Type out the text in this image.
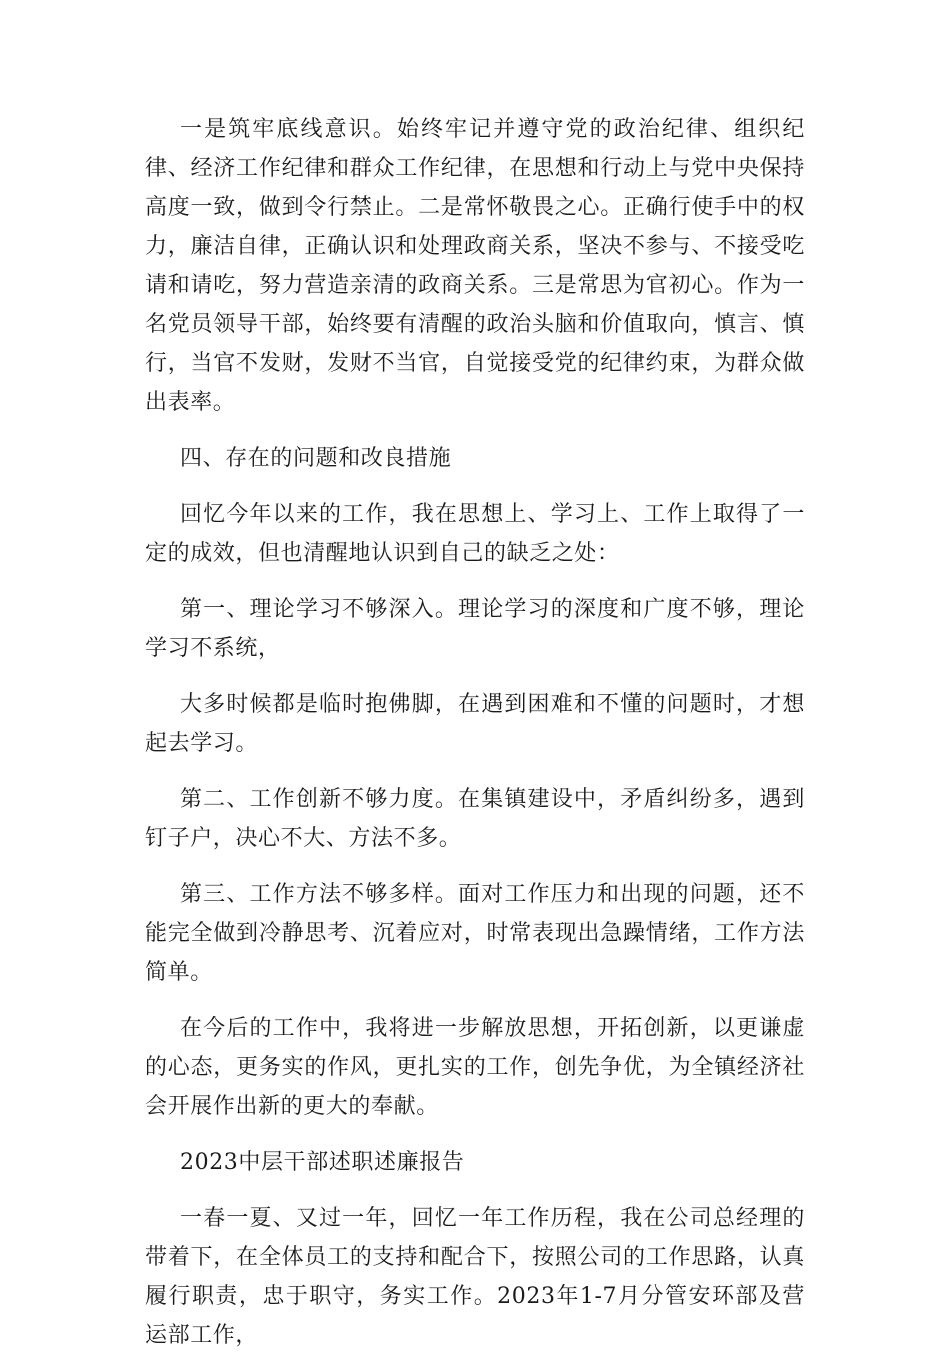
一是筑牢底线意识。始终牢记并遵守党的政治纪律、组织纪律、经济工作纪律和群众工作纪律，在思想和行动上与党中央保持高度一致，做到令行禁止。二是常怀敬畏之心。正确行使手中的权力，廉洁自律，正确认识和处理政商关系，坚决不参与、不接受吃请和请吃，努力营造亲清的政商关系。三是常思为官初心。作为一名党员领导干部，始终要有清醒的政治头脑和价值取向，慎言、慎行，当官不发财，发财不当官，自觉接受党的纪律约束，为群众做出表率。

四、存在的问题和改良措施

回忆今年以来的工作，我在思想上、学习上、工作上取得了一定的成效，但也清醒地认识到自己的缺乏之处：

第一、理论学习不够深入。理论学习的深度和广度不够，理论学习不系统，

大多时候都是临时抱佛脚，在遇到困难和不懂的问题时，才想起去学习。

第二、工作创新不够力度。在集镇建设中，矛盾纠纷多，遇到钉子户，决心不大、方法不多。

第三、工作方法不够多样。面对工作压力和出现的问题，还不能完全做到冷静思考、沉着应对，时常表现出急躁情绪，工作方法简单。

在今后的工作中，我将进一步解放思想，开拓创新，以更谦虚的心态，更务实的作风，更扎实的工作，创先争优，为全镇经济社会开展作出新的更大的奉献。

2023中层干部述职述廉报告

一春一夏、又过一年，回忆一年工作历程，我在公司总经理的带着下，在全体员工的支持和配合下，按照公司的工作思路，认真履行职责，忠于职守，务实工作。2023年1-7月分管安环部及营运部工作，
